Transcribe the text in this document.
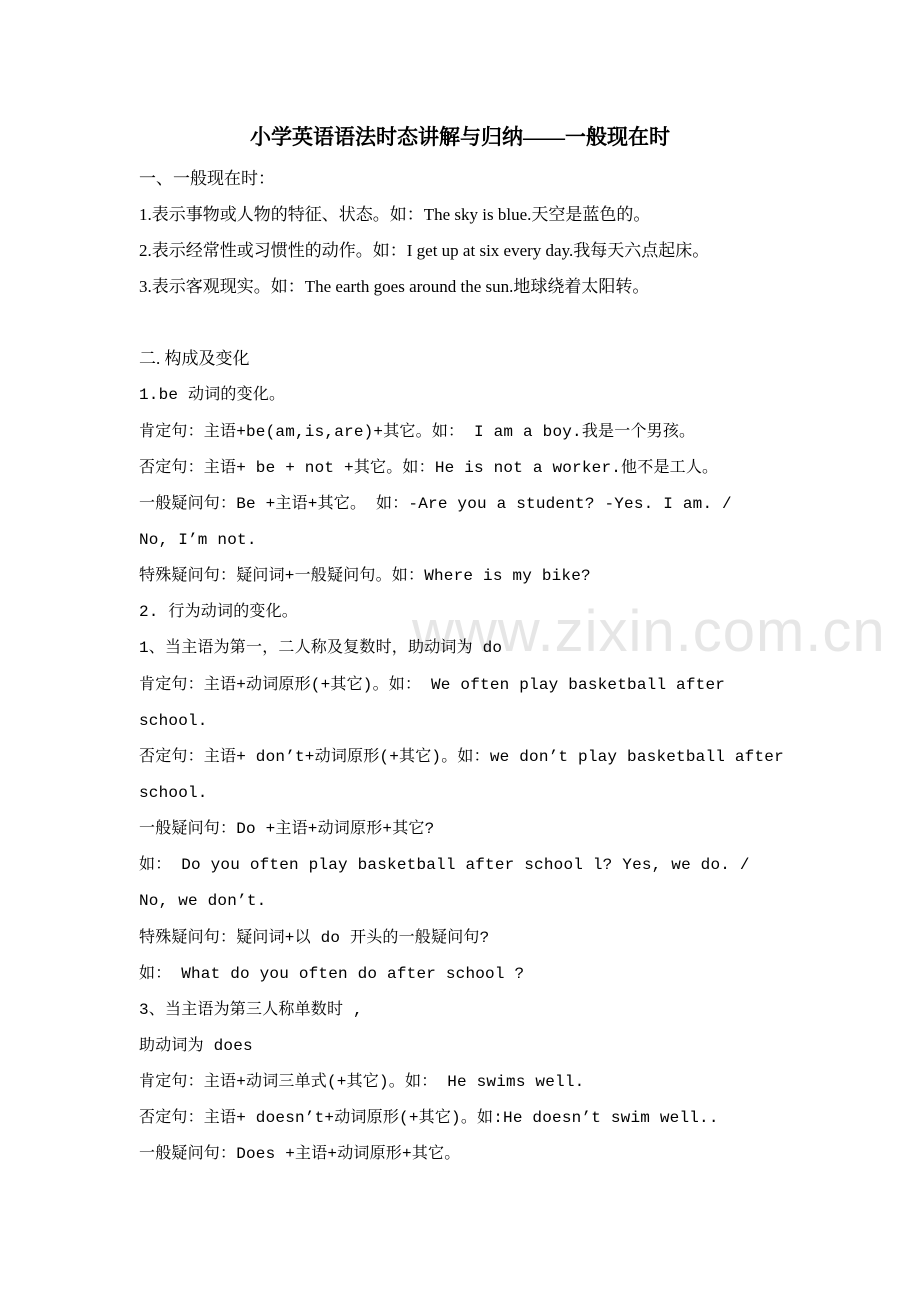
www.zixin.com.cn
小学英语语法时态讲解与归纳——一般现在时
一、一般现在时：
1.表示事物或人物的特征、状态。如：The sky is blue.天空是蓝色的。
2.表示经常性或习惯性的动作。如：I get up at six every day.我每天六点起床。
3.表示客观现实。如：The earth goes around the sun.地球绕着太阳转。
二. 构成及变化
1.be 动词的变化。
肯定句：主语+be(am,is,are)+其它。如： I am a boy.我是一个男孩。
否定句：主语+ be + not +其它。如：He is not a worker.他不是工人。
一般疑问句：Be +主语+其它。 如：-Are you a student? -Yes. I am. /
No, I’m not.
特殊疑问句：疑问词+一般疑问句。如：Where is my bike?
2. 行为动词的变化。
1、当主语为第一，二人称及复数时，助动词为 do
肯定句：主语+动词原形(+其它)。如： We often play basketball after
school.
否定句：主语+ don’t+动词原形(+其它)。如：we don’t play basketball after
school.
一般疑问句：Do +主语+动词原形+其它?
如： Do you often play basketball after school l? Yes, we do. /
No, we don’t.
特殊疑问句：疑问词+以 do 开头的一般疑问句?
如： What do you often do after school ?
3、当主语为第三人称单数时 ,
助动词为 does
肯定句：主语+动词三单式(+其它)。如： He swims well.
否定句：主语+ doesn’t+动词原形(+其它)。如:He doesn’t swim well..
一般疑问句：Does +主语+动词原形+其它。
